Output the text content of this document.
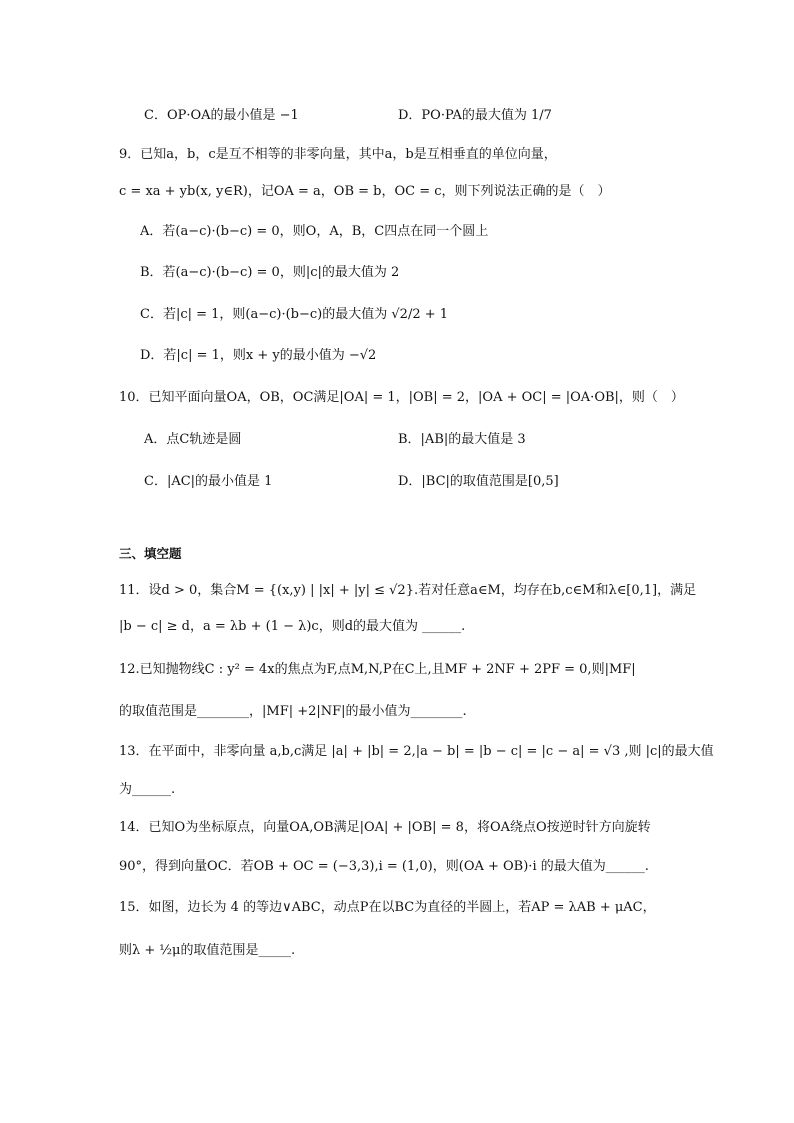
C．OP·OA的最小值是 −1	D．PO·PA的最大值为 1/7
9．已知a，b，c是互不相等的非零向量，其中a，b是互相垂直的单位向量，
c = xa + yb(x, y∈R)，记OA = a，OB = b，OC = c，则下列说法正确的是（　）
A．若(a−c)·(b−c) = 0，则O，A，B，C四点在同一个圆上
B．若(a−c)·(b−c) = 0，则|c|的最大值为 2
C．若|c| = 1，则(a−c)·(b−c)的最大值为 √2/2 + 1
D．若|c| = 1，则x + y的最小值为 −√2
10．已知平面向量OA，OB，OC满足|OA| = 1，|OB| = 2，|OA + OC| = |OA·OB|，则（　）
A．点C轨迹是圆	B．|AB|的最大值是 3
C．|AC|的最小值是 1	D．|BC|的取值范围是[0,5]
三、填空题
11．设d > 0，集合M = {(x,y) | |x| + |y| ≤ √2}.若对任意a∈M，均存在b,c∈M和λ∈[0,1]，满足
|b − c| ≥ d，a = λb + (1 − λ)c，则d的最大值为 ______.
12.已知抛物线C : y² = 4x的焦点为F,点M,N,P在C上,且MF + 2NF + 2PF = 0,则|MF|
的取值范围是________，|MF| +2|NF|的最小值为________.
13．在平面中，非零向量 a,b,c满足 |a| + |b| = 2,|a − b| = |b − c| = |c − a| = √3 ,则 |c|的最大值
为______.
14．已知O为坐标原点，向量OA,OB满足|OA| + |OB| = 8，将OA绕点O按逆时针方向旋转
90°，得到向量OC．若OB + OC = (−3,3),i = (1,0)，则(OA + OB)·i 的最大值为______.
15．如图，边长为 4 的等边∨ABC，动点P在以BC为直径的半圆上，若AP = λAB + μAC，
则λ + ½μ的取值范围是_____.
